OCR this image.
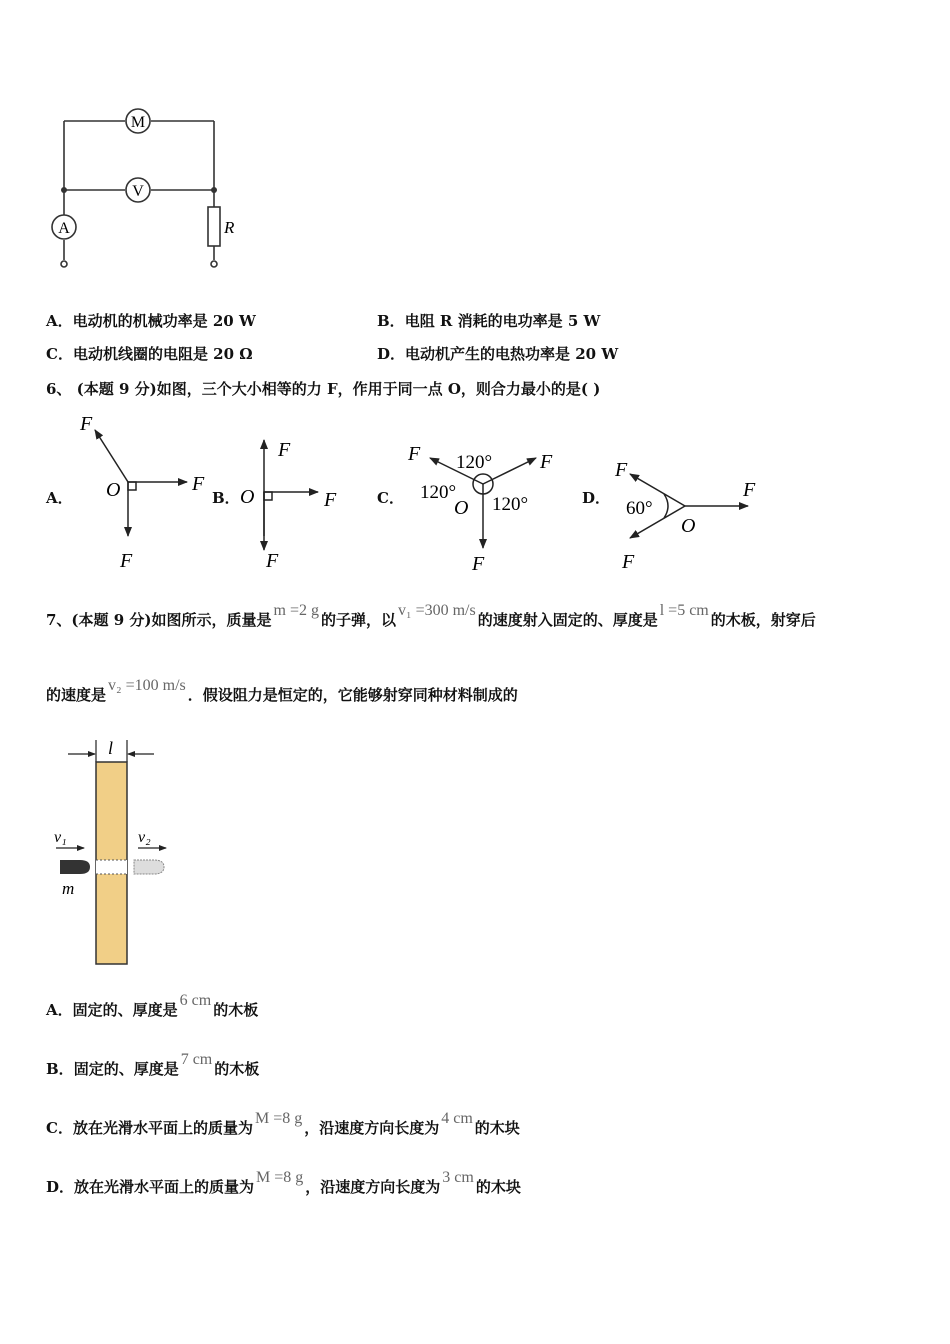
M
V
A	R
A．电动机的机械功率是 20 W	B．电阻 R 消耗的电功率是 5 W
C．电动机线圈的电阻是 20 Ω	D．电动机产生的电热功率是 20 W
6、 (本题 9 分)如图，三个大小相等的力 F，作用于同一点 O，则合力最小的是( )
F
F
F
O
F
F
F
O
F	F
F
O
120°
120°
120°
F
F
F
O
60°
A．	B．	C．	D．
7、(本题 9 分)如图所示，质量是m =2 g的子弹，以v₁ =300 m/s的速度射入固定的、厚度是l =5 cm的木板，射穿后
的速度是v₂ =100 m/s．假设阻力是恒定的，它能够射穿同种材料制成的
l
v₁	v₂
m
A．固定的、厚度是6 cm的木板
B．固定的、厚度是7 cm的木板
C．放在光滑水平面上的质量为M =8 g，沿速度方向长度为4 cm的木块
D．放在光滑水平面上的质量为M =8 g，沿速度方向长度为3 cm的木块
